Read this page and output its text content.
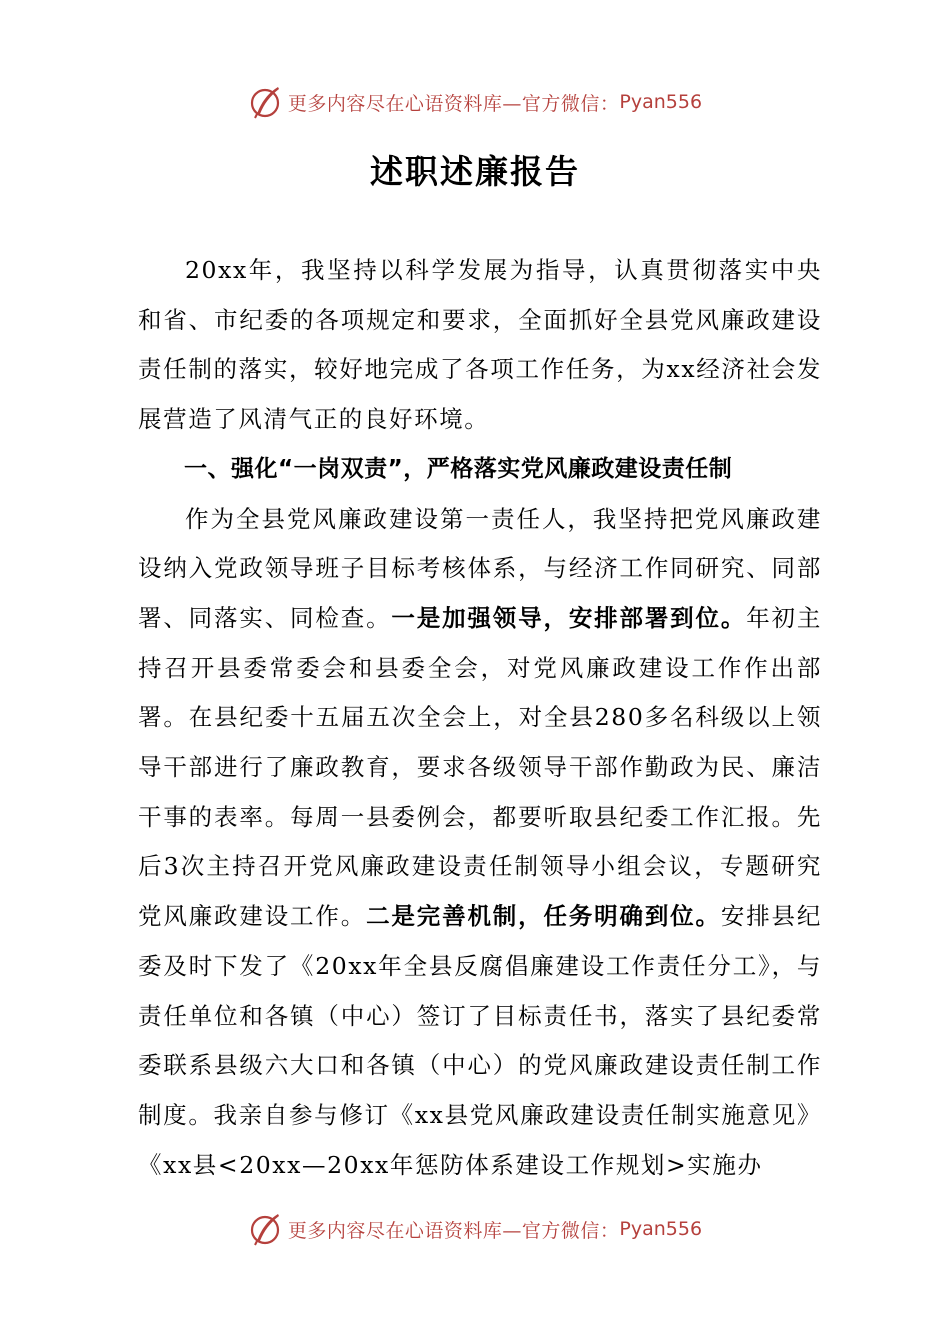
更多内容尽在心语资料库—官方微信： Pyan556
述职述廉报告

20xx年，我坚持以科学发展为指导，认真贯彻落实中央和省、市纪委的各项规定和要求，全面抓好全县党风廉政建设责任制的落实，较好地完成了各项工作任务，为xx经济社会发展营造了风清气正的良好环境。

一、强化“一岗双责”，严格落实党风廉政建设责任制

作为全县党风廉政建设第一责任人，我坚持把党风廉政建设纳入党政领导班子目标考核体系，与经济工作同研究、同部署、同落实、同检查。一是加强领导，安排部署到位。年初主持召开县委常委会和县委全会，对党风廉政建设工作作出部署。在县纪委十五届五次全会上，对全县280多名科级以上领导干部进行了廉政教育，要求各级领导干部作勤政为民、廉洁干事的表率。每周一县委例会，都要听取县纪委工作汇报。先后3次主持召开党风廉政建设责任制领导小组会议，专题研究党风廉政建设工作。二是完善机制，任务明确到位。安排县纪委及时下发了《20xx年全县反腐倡廉建设工作责任分工》，与责任单位和各镇（中心）签订了目标责任书，落实了县纪委常委联系县级六大口和各镇（中心）的党风廉政建设责任制工作制度。我亲自参与修订《xx县党风廉政建设责任制实施意见》《xx县<20xx—20xx年惩防体系建设工作规划>实施办

更多内容尽在心语资料库—官方微信： Pyan556
